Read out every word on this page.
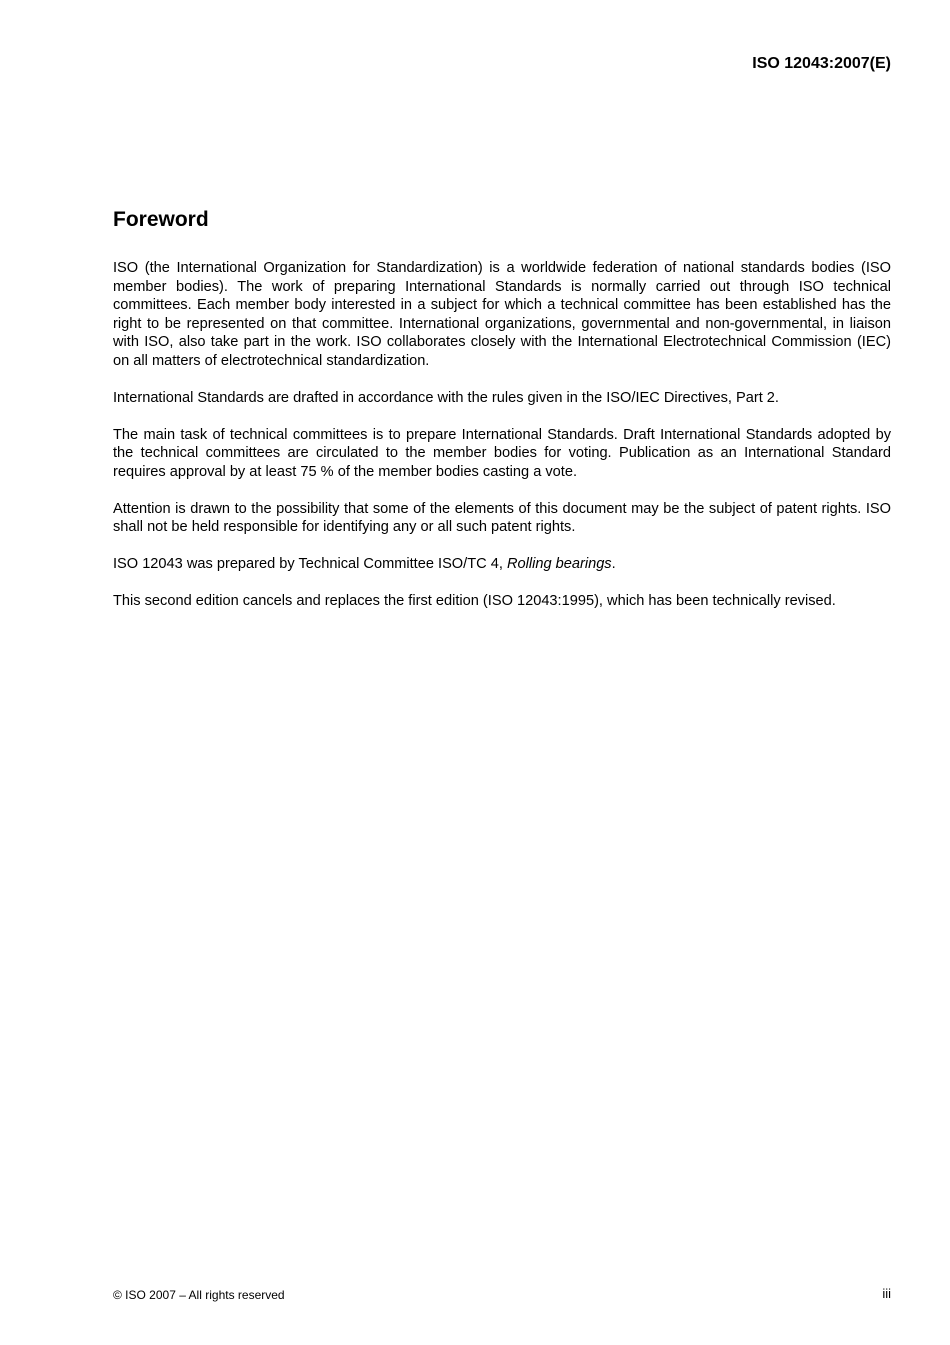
ISO 12043:2007(E)
Foreword

ISO (the International Organization for Standardization) is a worldwide federation of national standards bodies (ISO member bodies). The work of preparing International Standards is normally carried out through ISO technical committees. Each member body interested in a subject for which a technical committee has been established has the right to be represented on that committee. International organizations, governmental and non-governmental, in liaison with ISO, also take part in the work. ISO collaborates closely with the International Electrotechnical Commission (IEC) on all matters of electrotechnical standardization.

International Standards are drafted in accordance with the rules given in the ISO/IEC Directives, Part 2.

The main task of technical committees is to prepare International Standards. Draft International Standards adopted by the technical committees are circulated to the member bodies for voting. Publication as an International Standard requires approval by at least 75 % of the member bodies casting a vote.

Attention is drawn to the possibility that some of the elements of this document may be the subject of patent rights. ISO shall not be held responsible for identifying any or all such patent rights.

ISO 12043 was prepared by Technical Committee ISO/TC 4, Rolling bearings.

This second edition cancels and replaces the first edition (ISO 12043:1995), which has been technically revised.

© ISO 2007 – All rights reserved	iii
